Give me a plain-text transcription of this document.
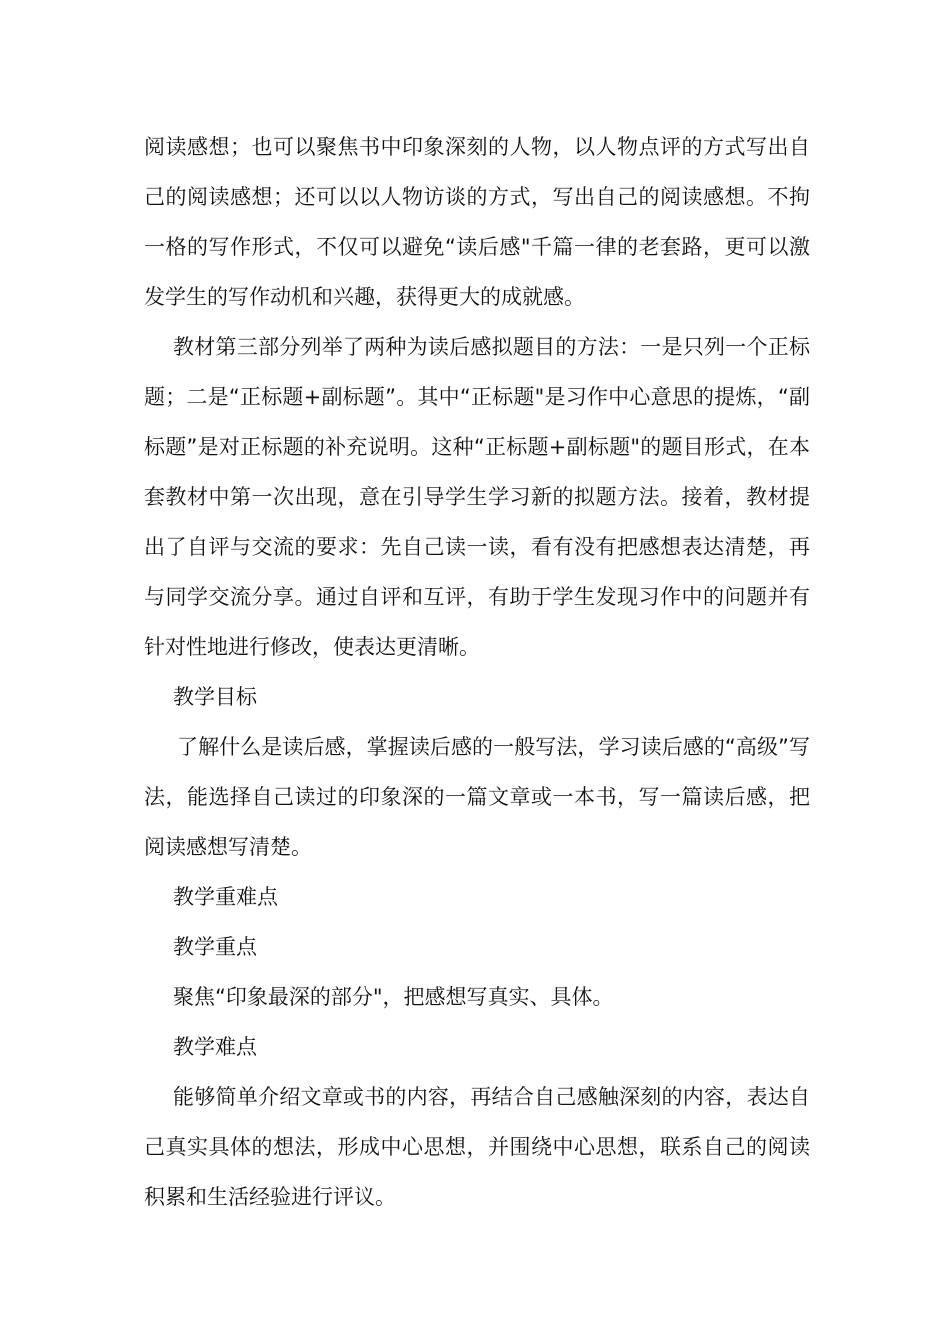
阅读感想；也可以聚焦书中印象深刻的人物，以人物点评的方式写出自己的阅读感想；还可以以人物访谈的方式，写出自己的阅读感想。不拘一格的写作形式，不仅可以避免“读后感"千篇一律的老套路，更可以激发学生的写作动机和兴趣，获得更大的成就感。

教材第三部分列举了两种为读后感拟题目的方法：一是只列一个正标题；二是“正标题+副标题”。其中“正标题"是习作中心意思的提炼，“副标题”是对正标题的补充说明。这种“正标题+副标题"的题目形式，在本套教材中第一次出现，意在引导学生学习新的拟题方法。接着，教材提出了自评与交流的要求：先自己读一读，看有没有把感想表达清楚，再与同学交流分享。通过自评和互评，有助于学生发现习作中的问题并有针对性地进行修改，使表达更清晰。

教学目标

了解什么是读后感，掌握读后感的一般写法，学习读后感的“高级”写法，能选择自己读过的印象深的一篇文章或一本书，写一篇读后感，把阅读感想写清楚。

教学重难点

教学重点

聚焦“印象最深的部分"，把感想写真实、具体。

教学难点

能够简单介绍文章或书的内容，再结合自己感触深刻的内容，表达自己真实具体的想法，形成中心思想，并围绕中心思想，联系自己的阅读积累和生活经验进行评议。
